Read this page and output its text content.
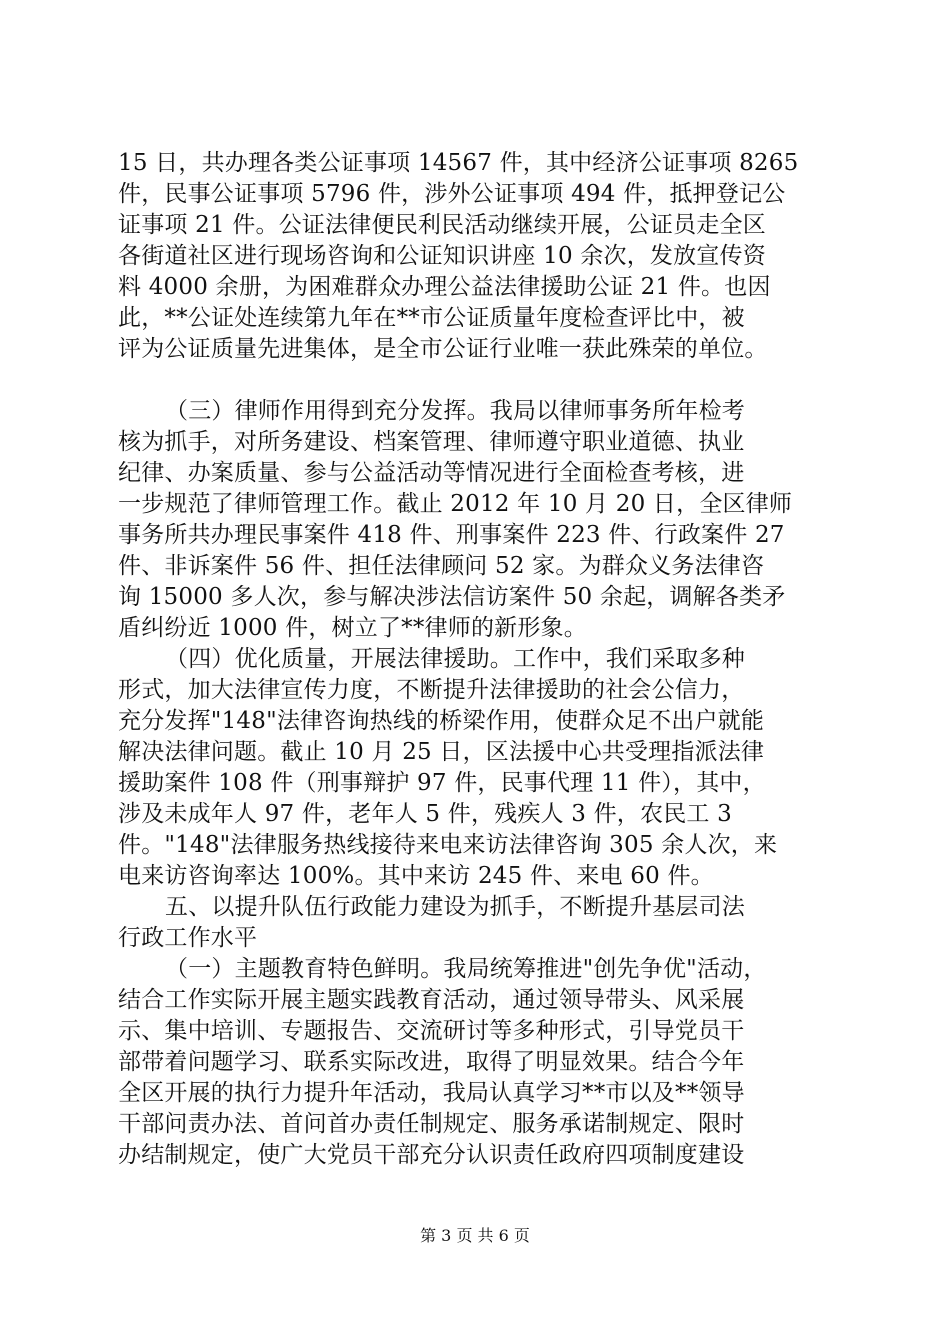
15 日，共办理各类公证事项 14567 件，其中经济公证事项 8265
件，民事公证事项 5796 件，涉外公证事项 494 件，抵押登记公
证事项 21 件。公证法律便民利民活动继续开展，公证员走全区
各街道社区进行现场咨询和公证知识讲座 10 余次，发放宣传资
料 4000 余册，为困难群众办理公益法律援助公证 21 件。也因
此，**公证处连续第九年在**市公证质量年度检查评比中，被
评为公证质量先进集体，是全市公证行业唯一获此殊荣的单位。
（三）律师作用得到充分发挥。我局以律师事务所年检考
核为抓手，对所务建设、档案管理、律师遵守职业道德、执业
纪律、办案质量、参与公益活动等情况进行全面检查考核，进
一步规范了律师管理工作。截止 2012 年 10 月 20 日，全区律师
事务所共办理民事案件 418 件、刑事案件 223 件、行政案件 27
件、非诉案件 56 件、担任法律顾问 52 家。为群众义务法律咨
询 15000 多人次，参与解决涉法信访案件 50 余起，调解各类矛
盾纠纷近 1000 件，树立了**律师的新形象。
（四）优化质量，开展法律援助。工作中，我们采取多种
形式，加大法律宣传力度，不断提升法律援助的社会公信力，
充分发挥"148"法律咨询热线的桥梁作用，使群众足不出户就能
解决法律问题。截止 10 月 25 日，区法援中心共受理指派法律
援助案件 108 件（刑事辩护 97 件，民事代理 11 件），其中，
涉及未成年人 97 件，老年人 5 件，残疾人 3 件，农民工 3
件。"148"法律服务热线接待来电来访法律咨询 305 余人次，来
电来访咨询率达 100%。其中来访 245 件、来电 60 件。
五、以提升队伍行政能力建设为抓手，不断提升基层司法
行政工作水平
（一）主题教育特色鲜明。我局统筹推进"创先争优"活动，
结合工作实际开展主题实践教育活动，通过领导带头、风采展
示、集中培训、专题报告、交流研讨等多种形式，引导党员干
部带着问题学习、联系实际改进，取得了明显效果。结合今年
全区开展的执行力提升年活动，我局认真学习**市以及**领导
干部问责办法、首问首办责任制规定、服务承诺制规定、限时
办结制规定，使广大党员干部充分认识责任政府四项制度建设
第 3 页 共 6 页
